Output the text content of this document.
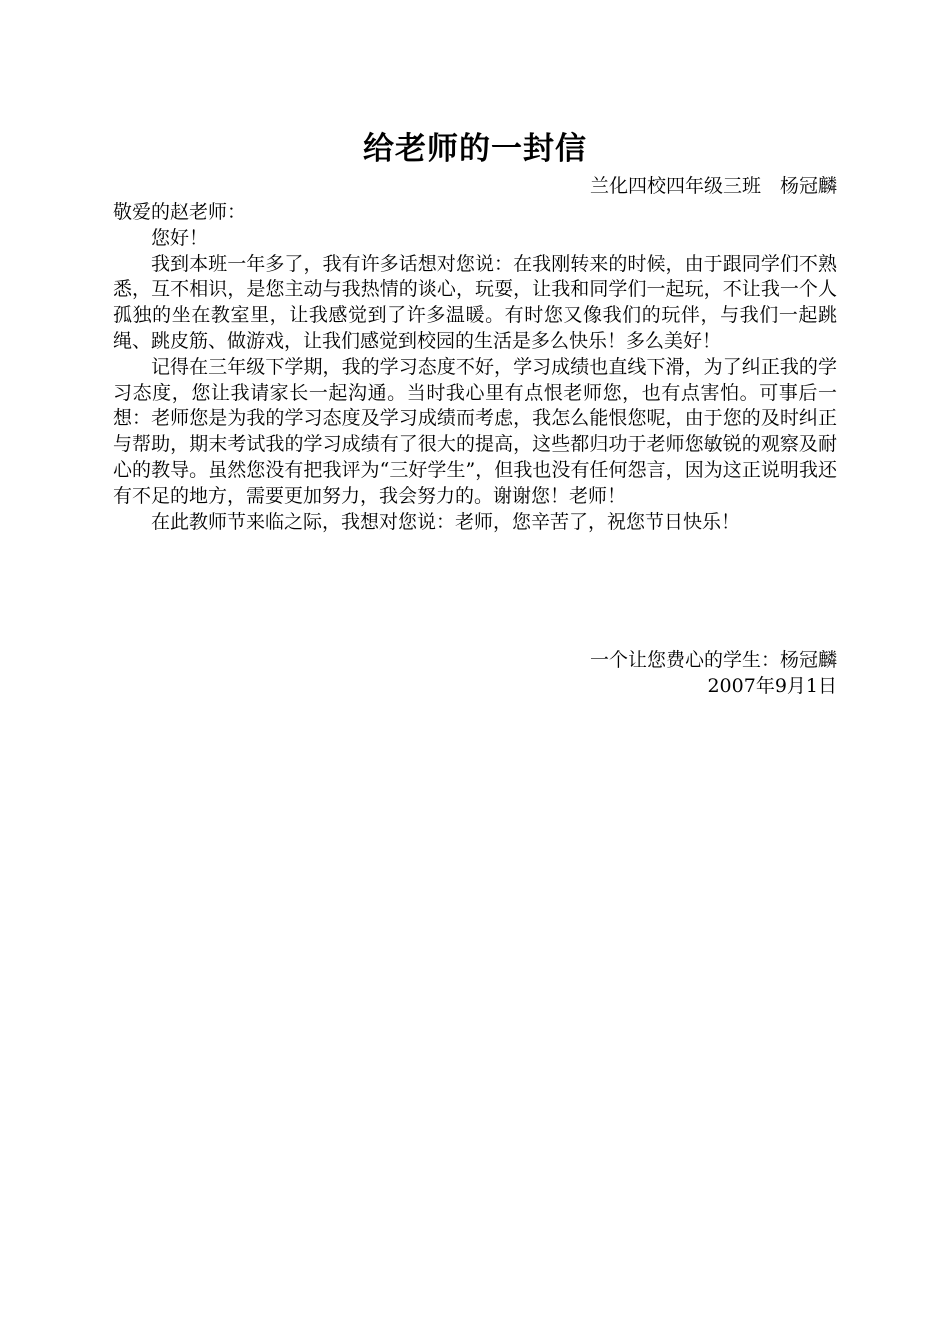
给老师的一封信
兰化四校四年级三班　杨冠麟

敬爱的赵老师：

您好！

我到本班一年多了，我有许多话想对您说：在我刚转来的时候，由于跟同学们不熟悉，互不相识，是您主动与我热情的谈心，玩耍，让我和同学们一起玩，不让我一个人孤独的坐在教室里，让我感觉到了许多温暖。有时您又像我们的玩伴，与我们一起跳绳、跳皮筋、做游戏，让我们感觉到校园的生活是多么快乐！多么美好！

记得在三年级下学期，我的学习态度不好，学习成绩也直线下滑，为了纠正我的学习态度，您让我请家长一起沟通。当时我心里有点恨老师您，也有点害怕。可事后一想：老师您是为我的学习态度及学习成绩而考虑，我怎么能恨您呢，由于您的及时纠正与帮助，期末考试我的学习成绩有了很大的提高，这些都归功于老师您敏锐的观察及耐心的教导。虽然您没有把我评为“三好学生”，但我也没有任何怨言，因为这正说明我还有不足的地方，需要更加努力，我会努力的。谢谢您！老师！

在此教师节来临之际，我想对您说：老师，您辛苦了，祝您节日快乐！

一个让您费心的学生：杨冠麟
2007年9月1日
